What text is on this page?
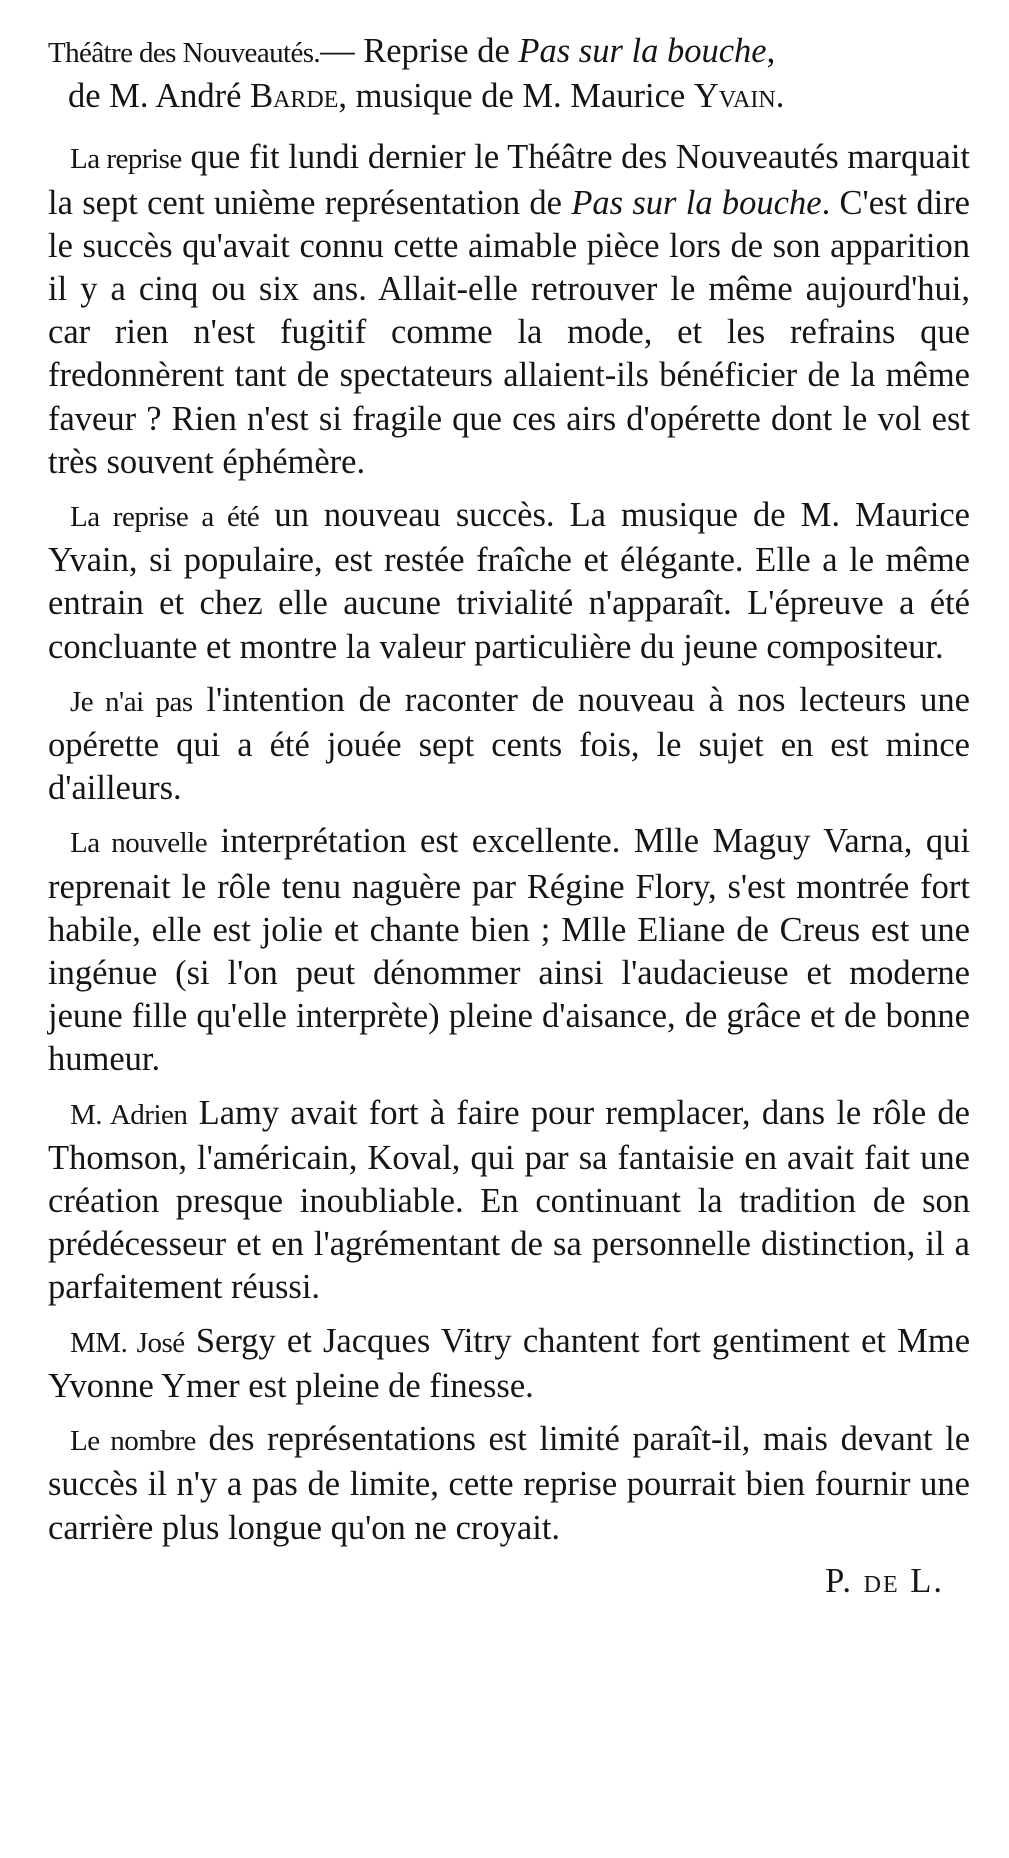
Théâtre des Nouveautés.— Reprise de Pas sur la bouche,
de M. André Barde, musique de M. Maurice Yvain.

La reprise que fit lundi dernier le Théâtre des Nouveautés marquait la sept cent unième représentation de Pas sur la bouche. C'est dire le succès qu'avait connu cette aimable pièce lors de son apparition il y a cinq ou six ans. Allait-elle retrouver le même aujourd'hui, car rien n'est fugitif comme la mode, et les refrains que fredonnèrent tant de spectateurs allaient-ils bénéficier de la même faveur ? Rien n'est si fragile que ces airs d'opérette dont le vol est très souvent éphémère.

La reprise a été un nouveau succès. La musique de M. Maurice Yvain, si populaire, est restée fraîche et élégante. Elle a le même entrain et chez elle aucune trivialité n'apparaît. L'épreuve a été concluante et montre la valeur particulière du jeune compositeur.

Je n'ai pas l'intention de raconter de nouveau à nos lecteurs une opérette qui a été jouée sept cents fois, le sujet en est mince d'ailleurs.

La nouvelle interprétation est excellente. Mlle Maguy Varna, qui reprenait le rôle tenu naguère par Régine Flory, s'est montrée fort habile, elle est jolie et chante bien ; Mlle Eliane de Creus est une ingénue (si l'on peut dénommer ainsi l'audacieuse et moderne jeune fille qu'elle interprète) pleine d'aisance, de grâce et de bonne humeur.

M. Adrien Lamy avait fort à faire pour remplacer, dans le rôle de Thomson, l'américain, Koval, qui par sa fantaisie en avait fait une création presque inoubliable. En continuant la tradition de son prédécesseur et en l'agrémentant de sa personnelle distinction, il a parfaitement réussi.

MM. José Sergy et Jacques Vitry chantent fort gentiment et Mme Yvonne Ymer est pleine de finesse.

Le nombre des représentations est limité paraît-il, mais devant le succès il n'y a pas de limite, cette reprise pourrait bien fournir une carrière plus longue qu'on ne croyait.

P. de L.
